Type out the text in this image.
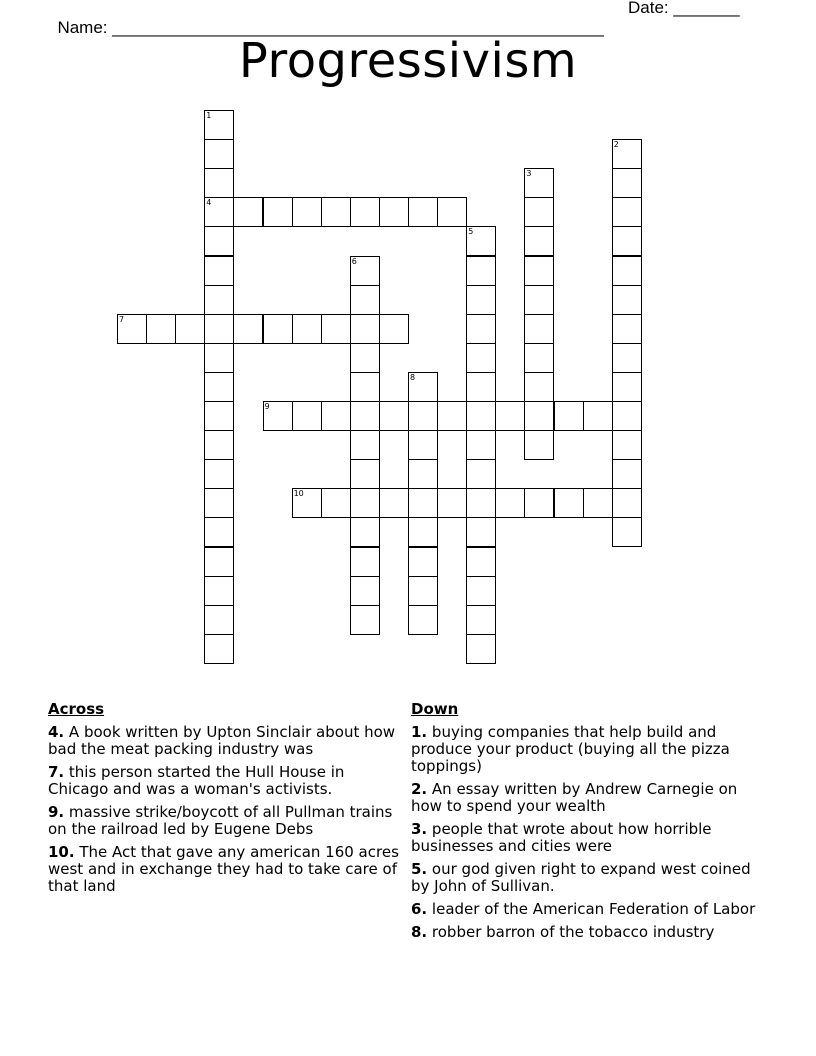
Name: ____________________________________________________

Date: _______

Progressivism
1
2
3
4
5
6
7
8
9
10
Across
4. A book written by Upton Sinclair about how bad the meat packing industry was
7. this person started the Hull House in Chicago and was a woman's activists.
9. massive strike/boycott of all Pullman trains on the railroad led by Eugene Debs
10. The Act that gave any american 160 acres west and in exchange they had to take care of that land
Down
1. buying companies that help build and produce your product (buying all the pizza toppings)
2. An essay written by Andrew Carnegie on how to spend your wealth
3. people that wrote about how horrible businesses and cities were
5. our god given right to expand west coined by John of Sullivan.
6. leader of the American Federation of Labor
8. robber barron of the tobacco industry
